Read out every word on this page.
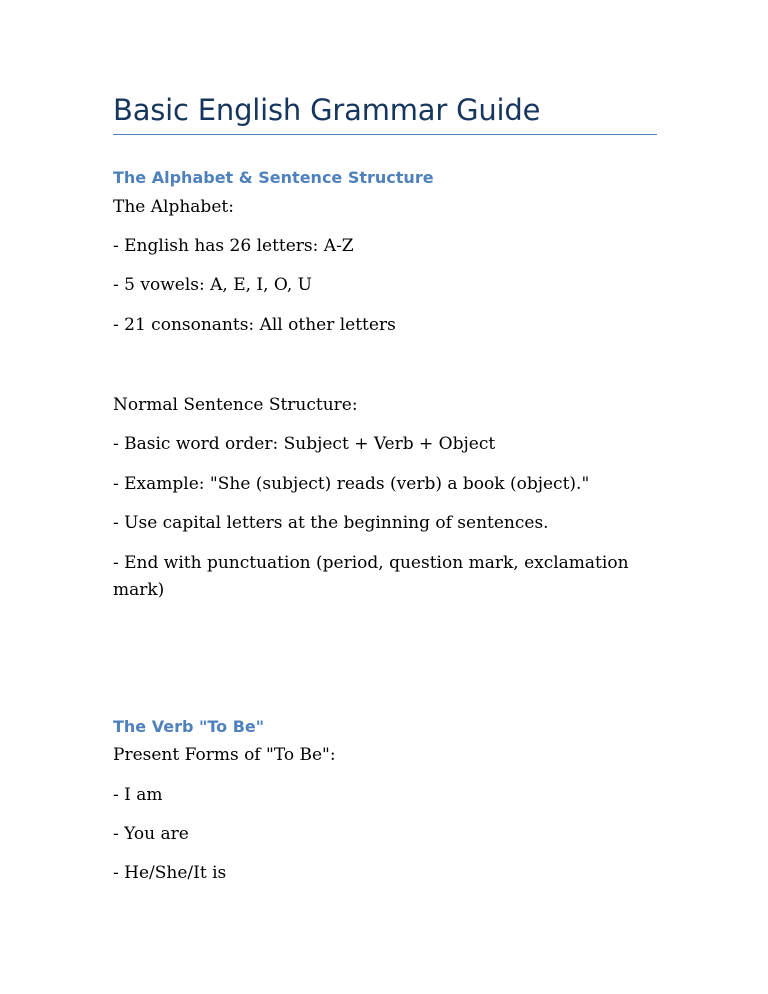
Basic English Grammar Guide
The Alphabet & Sentence Structure

The Alphabet:

- English has 26 letters: A-Z

- 5 vowels: A, E, I, O, U

- 21 consonants: All other letters

Normal Sentence Structure:

- Basic word order: Subject + Verb + Object

- Example: "She (subject) reads (verb) a book (object)."

- Use capital letters at the beginning of sentences.

- End with punctuation (period, question mark, exclamation mark)

The Verb "To Be"

Present Forms of "To Be":

- I am

- You are

- He/She/It is
